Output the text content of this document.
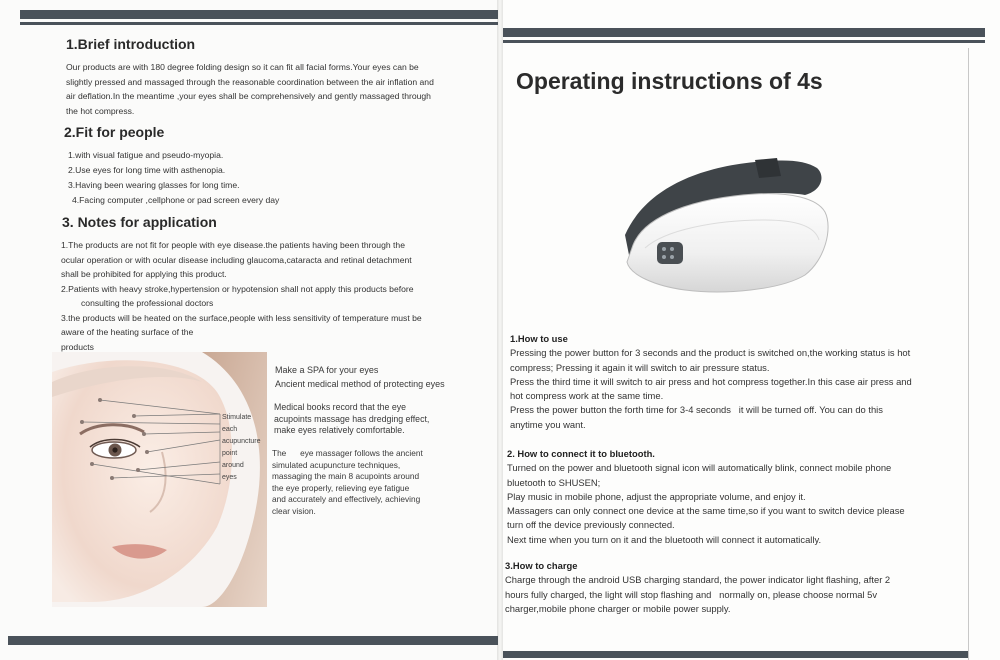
1.Brief introduction
Our products are with 180 degree folding design so it can fit all facial forms.Your eyes can be
slightly pressed and massaged through the reasonable coordination between the air inflation and
air deflation.In the meantime ,your eyes shall be comprehensively and gently massaged through
the hot compress.
2.Fit for people
1.with visual fatigue and pseudo-myopia.
2.Use eyes for long time with asthenopia.
3.Having been wearing glasses for long time.
4.Facing computer ,cellphone or pad screen every day
3. Notes for application
1.The products are not fit for people with eye disease.the patients having been through the
ocular operation or with ocular disease including glaucoma,cataracta and retinal detachment
shall be prohibited for applying this product.
2.Patients with heavy stroke,hypertension or hypotension shall not apply this products before
consulting the professional doctors
3.the products will be heated on the surface,people with less sensitivity of temperature must be
aware of the heating surface of the
products
Stimulate
each
acupuncture
point
around
eyes
Make a SPA for your eyes
Ancient medical method of protecting eyes
Medical books record that the eye
acupoints massage has dredging effect,
make eyes relatively comfortable.
The      eye massager follows the ancient
simulated acupuncture techniques,
massaging the main 8 acupoints around
the eye properly, relieving eye fatigue
and accurately and effectively, achieving
clear vision.
Operating instructions of 4s
1.How to use
Pressing the power button for 3 seconds and the product is switched on,the working status is hot
compress; Pressing it again it will switch to air pressure status.
Press the third time it will switch to air press and hot compress together.In this case air press and
hot compress work at the same time.
Press the power button the forth time for 3-4 seconds   it will be turned off. You can do this
anytime you want.
2. How to connect it to bluetooth.
Turned on the power and bluetooth signal icon will automatically blink, connect mobile phone
bluetooth to SHUSEN;
Play music in mobile phone, adjust the appropriate volume, and enjoy it.
Massagers can only connect one device at the same time,so if you want to switch device please
turn off the device previously connected.
Next time when you turn on it and the bluetooth will connect it automatically.
3.How to charge
Charge through the android USB charging standard, the power indicator light flashing, after 2
hours fully charged, the light will stop flashing and   normally on, please choose normal 5v
charger,mobile phone charger or mobile power supply.
